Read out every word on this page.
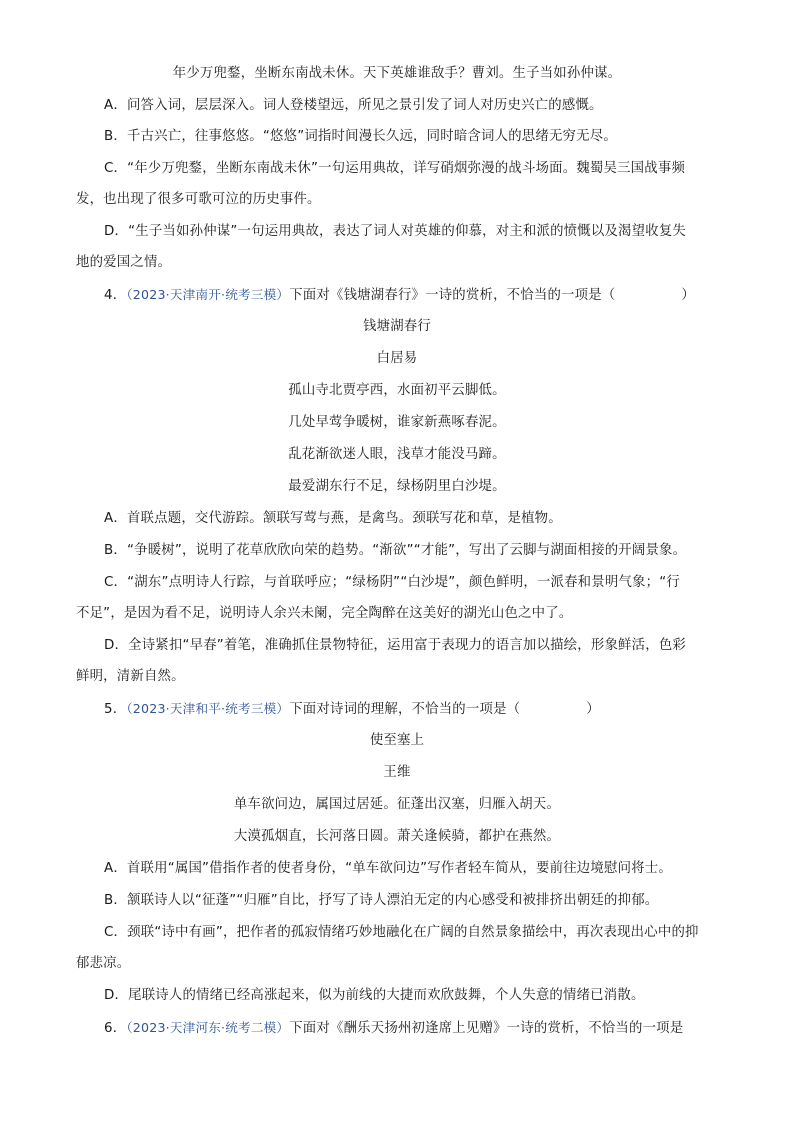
年少万兜鍪，坐断东南战未休。天下英雄谁敌手？曹刘。生子当如孙仲谋。
A．问答入词，层层深入。词人登楼望远，所见之景引发了词人对历史兴亡的感慨。
B．千古兴亡，往事悠悠。“悠悠”词指时间漫长久远，同时暗含词人的思绪无穷无尽。
C．“年少万兜鍪，坐断东南战未休”一句运用典故，详写硝烟弥漫的战斗场面。魏蜀吴三国战事频
发，也出现了很多可歌可泣的历史事件。
D．“生子当如孙仲谋”一句运用典故，表达了词人对英雄的仰慕，对主和派的愤慨以及渴望收复失
地的爱国之情。
4．（2023·天津南开·统考三模）下面对《钱塘湖春行》一诗的赏析，不恰当的一项是（	）
钱塘湖春行
白居易
孤山寺北贾亭西，水面初平云脚低。
几处早莺争暖树，谁家新燕啄春泥。
乱花渐欲迷人眼，浅草才能没马蹄。
最爱湖东行不足，绿杨阴里白沙堤。
A．首联点题，交代游踪。颔联写莺与燕，是禽鸟。颈联写花和草，是植物。
B．“争暖树”，说明了花草欣欣向荣的趋势。“渐欲”“才能”，写出了云脚与湖面相接的开阔景象。
C．“湖东”点明诗人行踪，与首联呼应；“绿杨阴”“白沙堤”，颜色鲜明，一派春和景明气象；“行
不足”，是因为看不足，说明诗人余兴未阑，完全陶醉在这美好的湖光山色之中了。
D．全诗紧扣“早春”着笔，准确抓住景物特征，运用富于表现力的语言加以描绘，形象鲜活，色彩
鲜明，清新自然。
5．（2023·天津和平·统考三模）下面对诗词的理解，不恰当的一项是（	）
使至塞上
王维
单车欲问边，属国过居延。征蓬出汉塞，归雁入胡天。
大漠孤烟直，长河落日圆。萧关逢候骑，都护在燕然。
A．首联用“属国”借指作者的使者身份，“单车欲问边”写作者轻车简从，要前往边境慰问将士。
B．颔联诗人以“征蓬”“归雁”自比，抒写了诗人漂泊无定的内心感受和被排挤出朝廷的抑郁。
C．颈联“诗中有画”，把作者的孤寂情绪巧妙地融化在广阔的自然景象描绘中，再次表现出心中的抑
郁悲凉。
D．尾联诗人的情绪已经高涨起来，似为前线的大捷而欢欣鼓舞，个人失意的情绪已消散。
6．（2023·天津河东·统考二模）下面对《酬乐天扬州初逢席上见赠》一诗的赏析，不恰当的一项是
